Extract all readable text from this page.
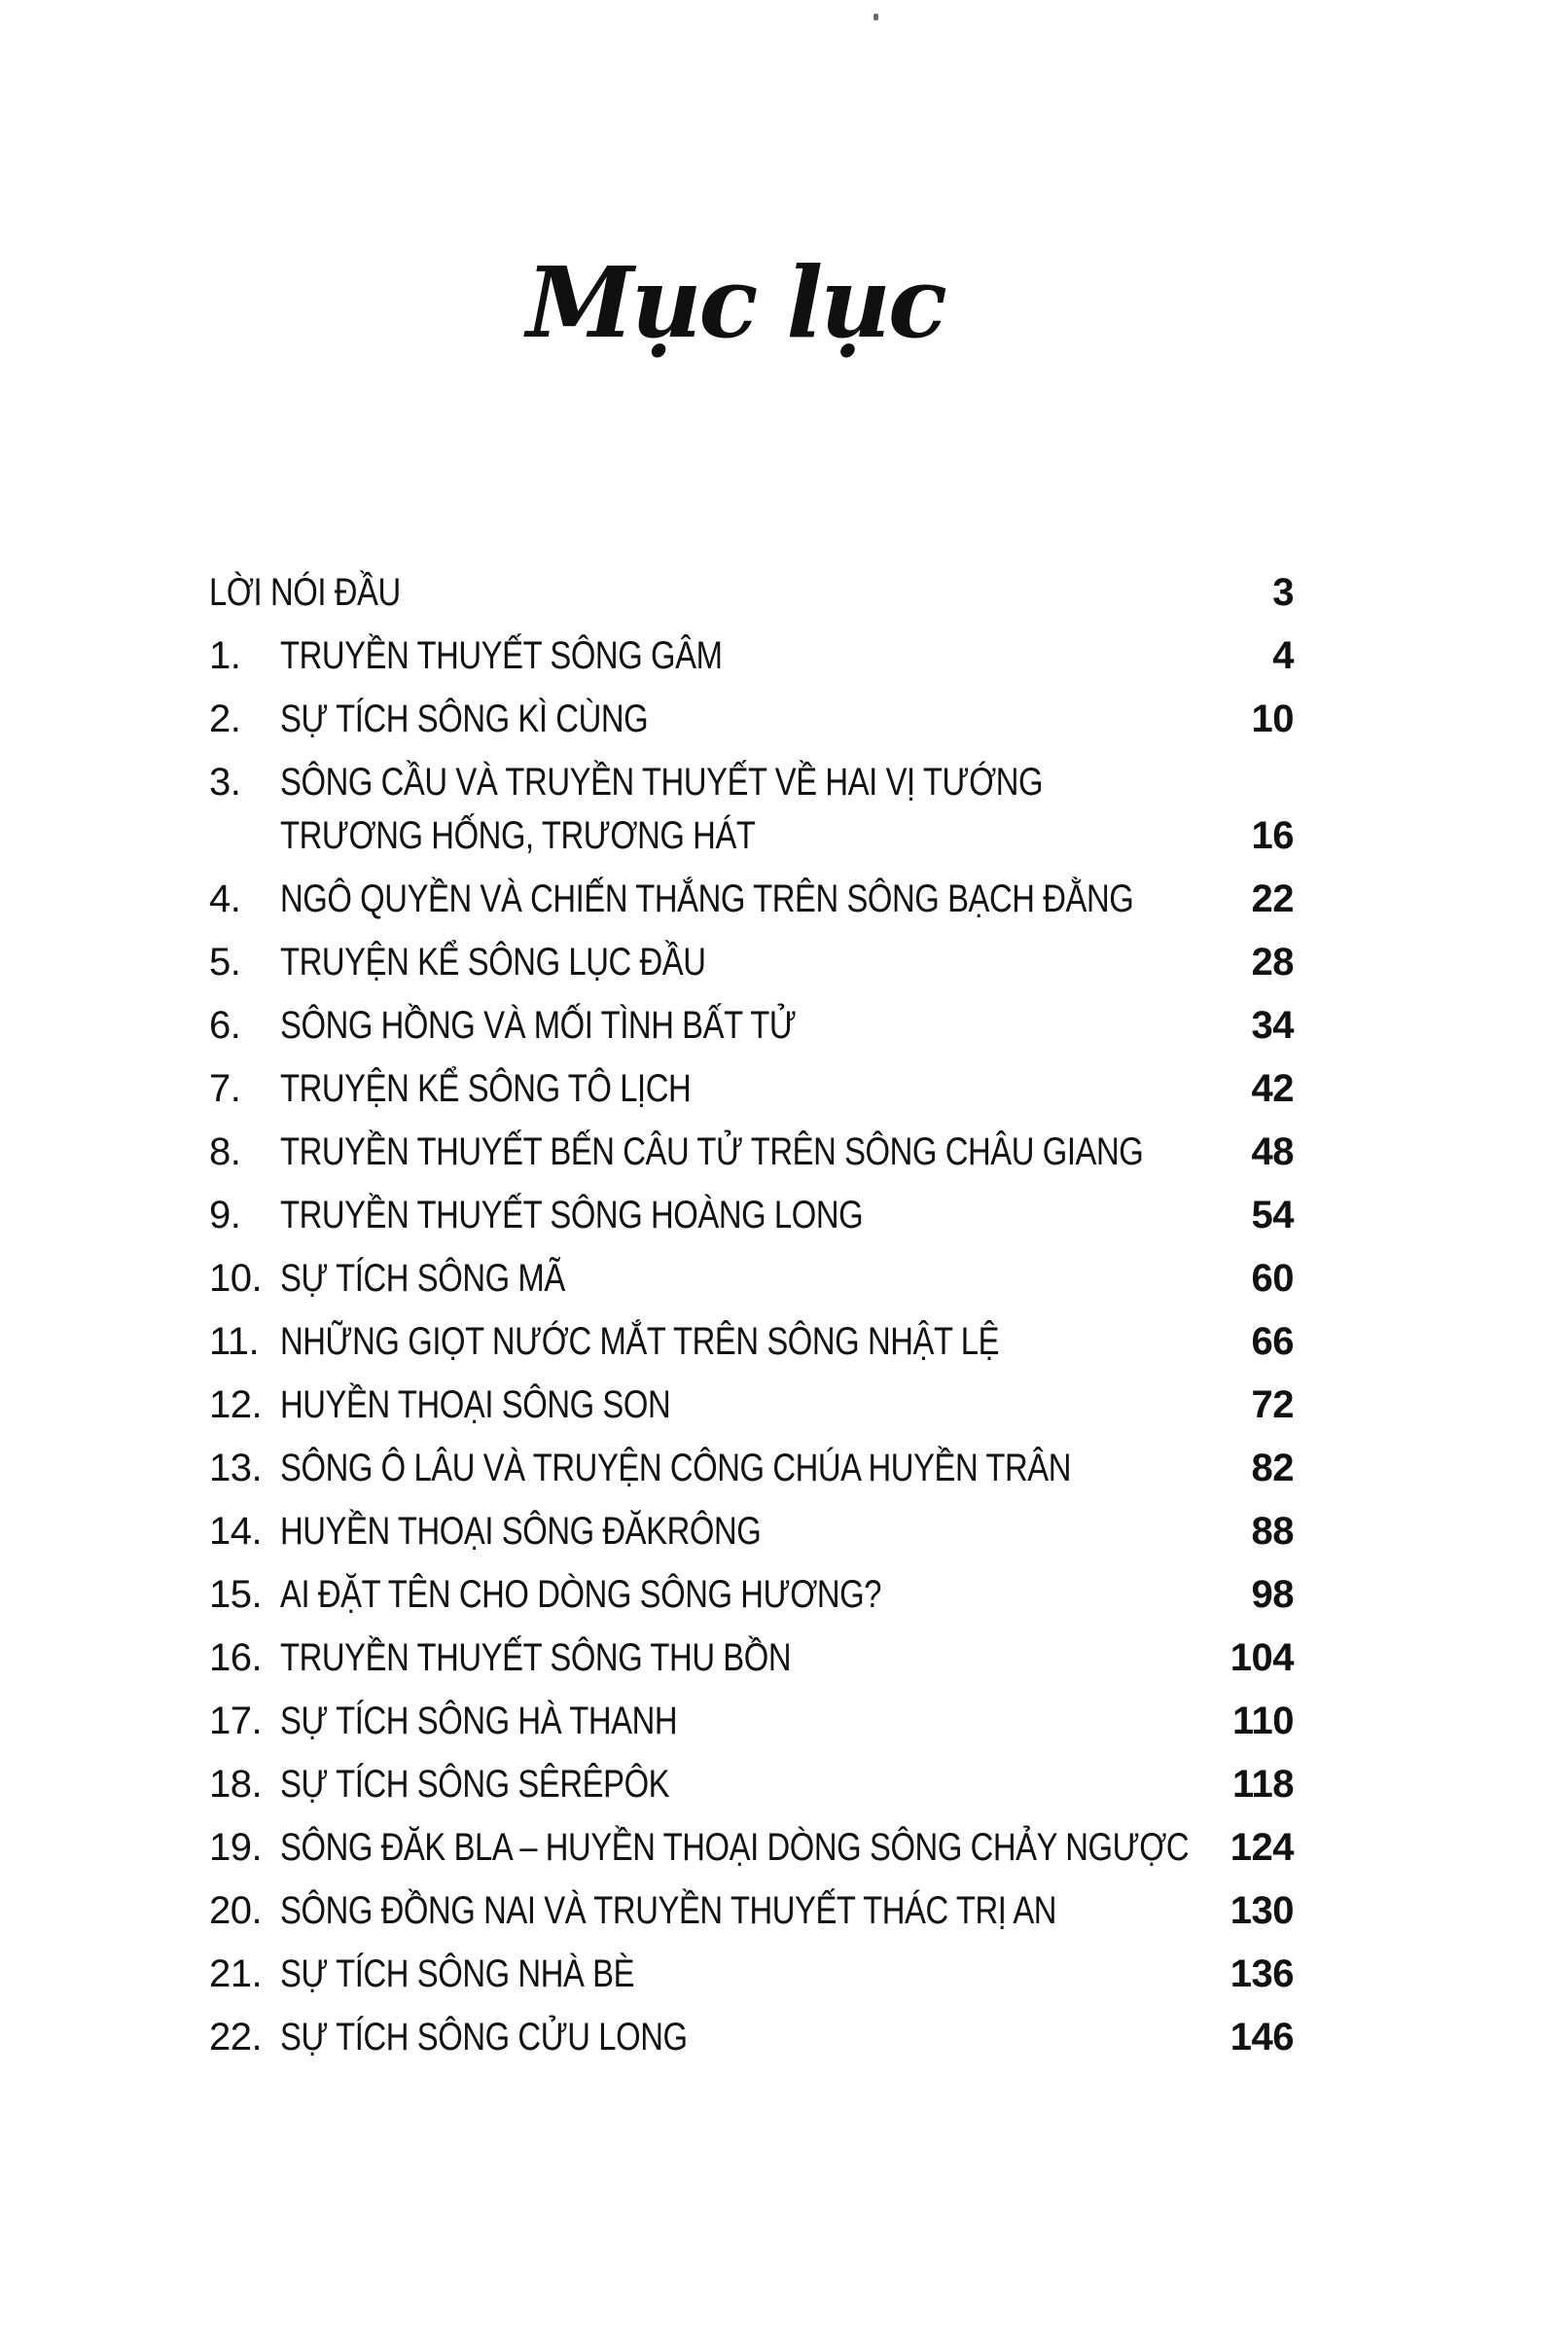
Mục lục
LỜI NÓI ĐẦU	3
1.	TRUYỀN THUYẾT SÔNG GÂM	4
2.	SỰ TÍCH SÔNG KÌ CÙNG	10
3.	SÔNG CẦU VÀ TRUYỀN THUYẾT VỀ HAI VỊ TƯỚNG
TRƯƠNG HỐNG, TRƯƠNG HÁT	16
4.	NGÔ QUYỀN VÀ CHIẾN THẮNG TRÊN SÔNG BẠCH ĐẰNG	22
5.	TRUYỆN KỂ SÔNG LỤC ĐẦU	28
6.	SÔNG HỒNG VÀ MỐI TÌNH BẤT TỬ	34
7.	TRUYỆN KỂ SÔNG TÔ LỊCH	42
8.	TRUYỀN THUYẾT BẾN CÂU TỬ TRÊN SÔNG CHÂU GIANG	48
9.	TRUYỀN THUYẾT SÔNG HOÀNG LONG	54
10. SỰ TÍCH SÔNG MÃ	60
11. NHỮNG GIỌT NƯỚC MẮT TRÊN SÔNG NHẬT LỆ	66
12. HUYỀN THOẠI SÔNG SON	72
13. SÔNG Ô LÂU VÀ TRUYỆN CÔNG CHÚA HUYỀN TRÂN	82
14. HUYỀN THOẠI SÔNG ĐĂKRÔNG	88
15. AI ĐẶT TÊN CHO DÒNG SÔNG HƯƠNG?	98
16. TRUYỀN THUYẾT SÔNG THU BỒN	104
17. SỰ TÍCH SÔNG HÀ THANH	110
18. SỰ TÍCH SÔNG SÊRÊPÔK	118
19. SÔNG ĐĂK BLA – HUYỀN THOẠI DÒNG SÔNG CHẢY NGƯỢC 124
20. SÔNG ĐỒNG NAI VÀ TRUYỀN THUYẾT THÁC TRỊ AN	130
21. SỰ TÍCH SÔNG NHÀ BÈ	136
22. SỰ TÍCH SÔNG CỬU LONG	146
